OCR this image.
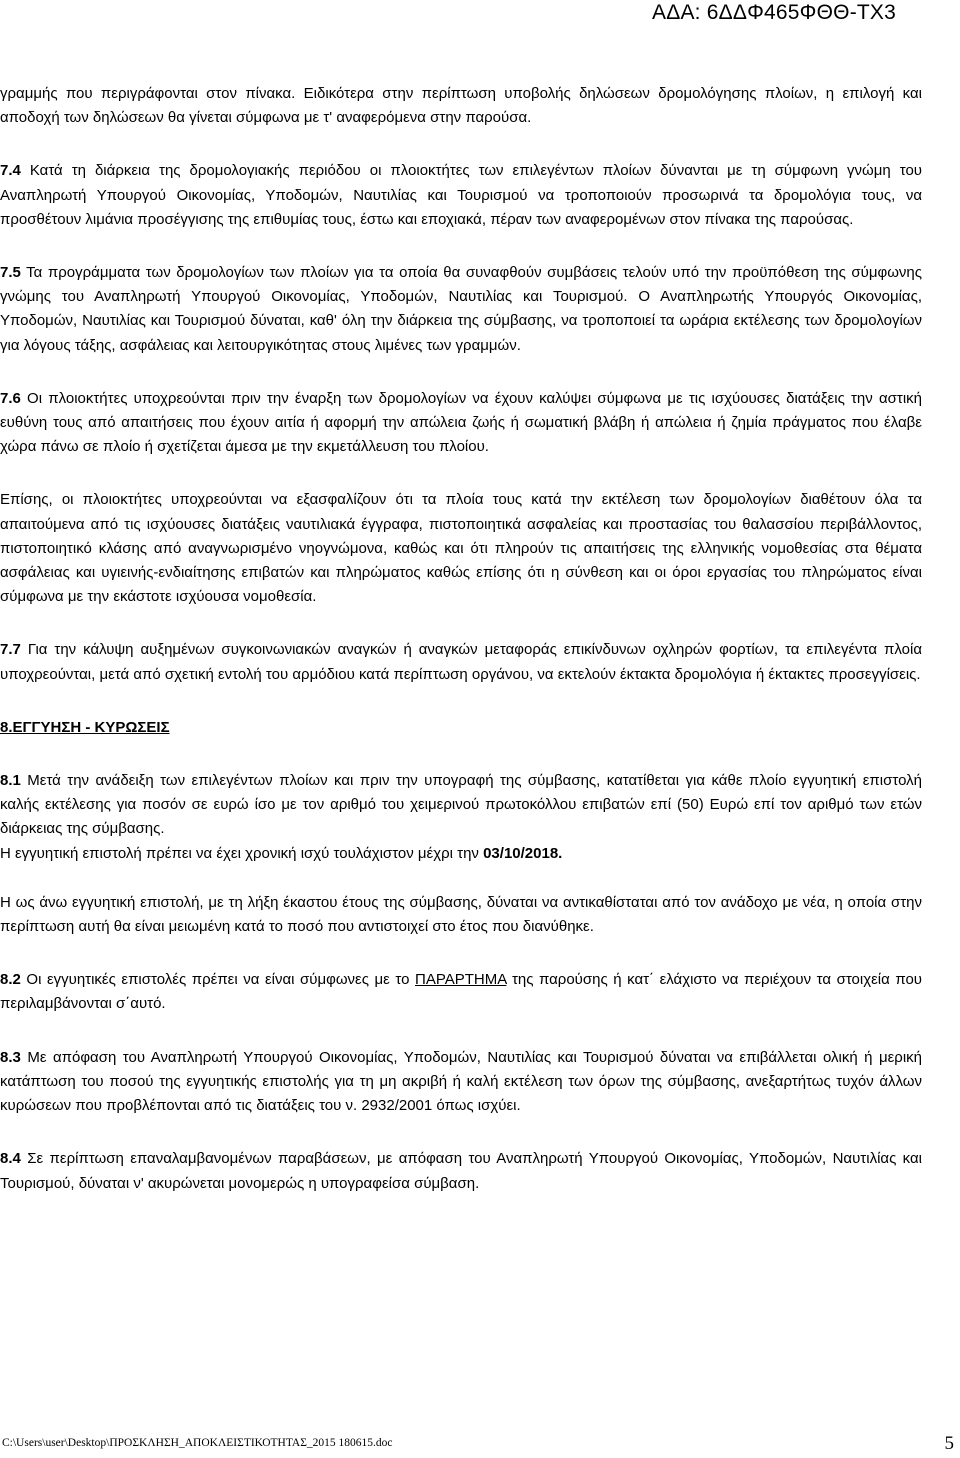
ΑΔΑ: 6ΔΔΦ465ΦΘΘ-ΤΧ3

γραμμής που περιγράφονται στον πίνακα. Ειδικότερα στην περίπτωση υποβολής δηλώσεων δρομολόγησης πλοίων, η επιλογή και αποδοχή των δηλώσεων θα γίνεται σύμφωνα με τ' αναφερόμενα στην παρούσα.

7.4 Κατά τη διάρκεια της δρομολογιακής περιόδου οι πλοιοκτήτες των επιλεγέντων πλοίων δύνανται με τη σύμφωνη γνώμη του Αναπληρωτή Υπουργού Οικονομίας, Υποδομών, Ναυτιλίας και Τουρισμού να τροποποιούν προσωρινά τα δρομολόγια τους, να προσθέτουν λιμάνια προσέγγισης της επιθυμίας τους, έστω και εποχιακά, πέραν των αναφερομένων στον πίνακα της παρούσας.

7.5 Τα προγράμματα των δρομολογίων των πλοίων για τα οποία θα συναφθούν συμβάσεις τελούν υπό την προϋπόθεση της σύμφωνης γνώμης του Αναπληρωτή Υπουργού Οικονομίας, Υποδομών, Ναυτιλίας και Τουρισμού. Ο Αναπληρωτής Υπουργός Οικονομίας, Υποδομών, Ναυτιλίας και Τουρισμού δύναται, καθ' όλη την διάρκεια της σύμβασης, να τροποποιεί τα ωράρια εκτέλεσης των δρομολογίων για λόγους τάξης, ασφάλειας και λειτουργικότητας στους λιμένες των γραμμών.

7.6 Οι πλοιοκτήτες υποχρεούνται πριν την έναρξη των δρομολογίων να έχουν καλύψει σύμφωνα με τις ισχύουσες διατάξεις την αστική ευθύνη τους από απαιτήσεις που έχουν αιτία ή αφορμή την απώλεια ζωής ή σωματική βλάβη ή απώλεια ή ζημία πράγματος που έλαβε χώρα πάνω σε πλοίο ή σχετίζεται άμεσα με την εκμετάλλευση του πλοίου.

Επίσης, οι πλοιοκτήτες υποχρεούνται να εξασφαλίζουν ότι τα πλοία τους κατά την εκτέλεση των δρομολογίων διαθέτουν όλα τα απαιτούμενα από τις ισχύουσες διατάξεις ναυτιλιακά έγγραφα, πιστοποιητικά ασφαλείας και προστασίας του θαλασσίου περιβάλλοντος, πιστοποιητικό κλάσης από αναγνωρισμένο νηογνώμονα, καθώς και ότι πληρούν τις απαιτήσεις της ελληνικής νομοθεσίας στα θέματα ασφάλειας και υγιεινής-ενδιαίτησης επιβατών και πληρώματος καθώς επίσης ότι η σύνθεση και οι όροι εργασίας του πληρώματος είναι σύμφωνα με την εκάστοτε ισχύουσα νομοθεσία.

7.7 Για την κάλυψη αυξημένων συγκοινωνιακών αναγκών ή αναγκών μεταφοράς επικίνδυνων οχληρών φορτίων, τα επιλεγέντα πλοία υποχρεούνται, μετά από σχετική εντολή του αρμόδιου κατά περίπτωση οργάνου, να εκτελούν έκτακτα δρομολόγια ή έκτακτες προσεγγίσεις.

8.ΕΓΓΥΗΣΗ - ΚΥΡΩΣΕΙΣ

8.1 Μετά την ανάδειξη των επιλεγέντων πλοίων και πριν την υπογραφή της σύμβασης, κατατίθεται για κάθε πλοίο εγγυητική επιστολή καλής εκτέλεσης για ποσόν σε ευρώ ίσο με τον αριθμό του χειμερινού πρωτοκόλλου επιβατών επί (50) Ευρώ επί τον αριθμό των ετών διάρκειας της σύμβασης.

Η εγγυητική επιστολή πρέπει να έχει χρονική ισχύ τουλάχιστον μέχρι την 03/10/2018.

Η ως άνω εγγυητική επιστολή, με τη λήξη έκαστου έτους της σύμβασης, δύναται να αντικαθίσταται από τον ανάδοχο με νέα, η οποία στην περίπτωση αυτή θα είναι μειωμένη κατά το ποσό που αντιστοιχεί στο έτος που διανύθηκε.

8.2 Οι εγγυητικές επιστολές πρέπει να είναι σύμφωνες με το ΠΑΡΑΡΤΗΜΑ της παρούσης ή κατ΄ ελάχιστο να περιέχουν τα στοιχεία που περιλαμβάνονται σ΄αυτό.

8.3 Με απόφαση του Αναπληρωτή Υπουργού Οικονομίας, Υποδομών, Ναυτιλίας και Τουρισμού δύναται να επιβάλλεται ολική ή μερική κατάπτωση του ποσού της εγγυητικής επιστολής για τη μη ακριβή ή καλή εκτέλεση των όρων της σύμβασης, ανεξαρτήτως τυχόν άλλων κυρώσεων που προβλέπονται από τις διατάξεις του ν. 2932/2001 όπως ισχύει.

8.4 Σε περίπτωση επαναλαμβανομένων παραβάσεων, με απόφαση του Αναπληρωτή Υπουργού Οικονομίας, Υποδομών, Ναυτιλίας και Τουρισμού, δύναται ν' ακυρώνεται μονομερώς η υπογραφείσα σύμβαση.

C:\Users\user\Desktop\ΠΡΟΣΚΛΗΣΗ_ΑΠΟΚΛΕΙΣΤΙΚΟΤΗΤΑΣ_2015 180615.doc	5
